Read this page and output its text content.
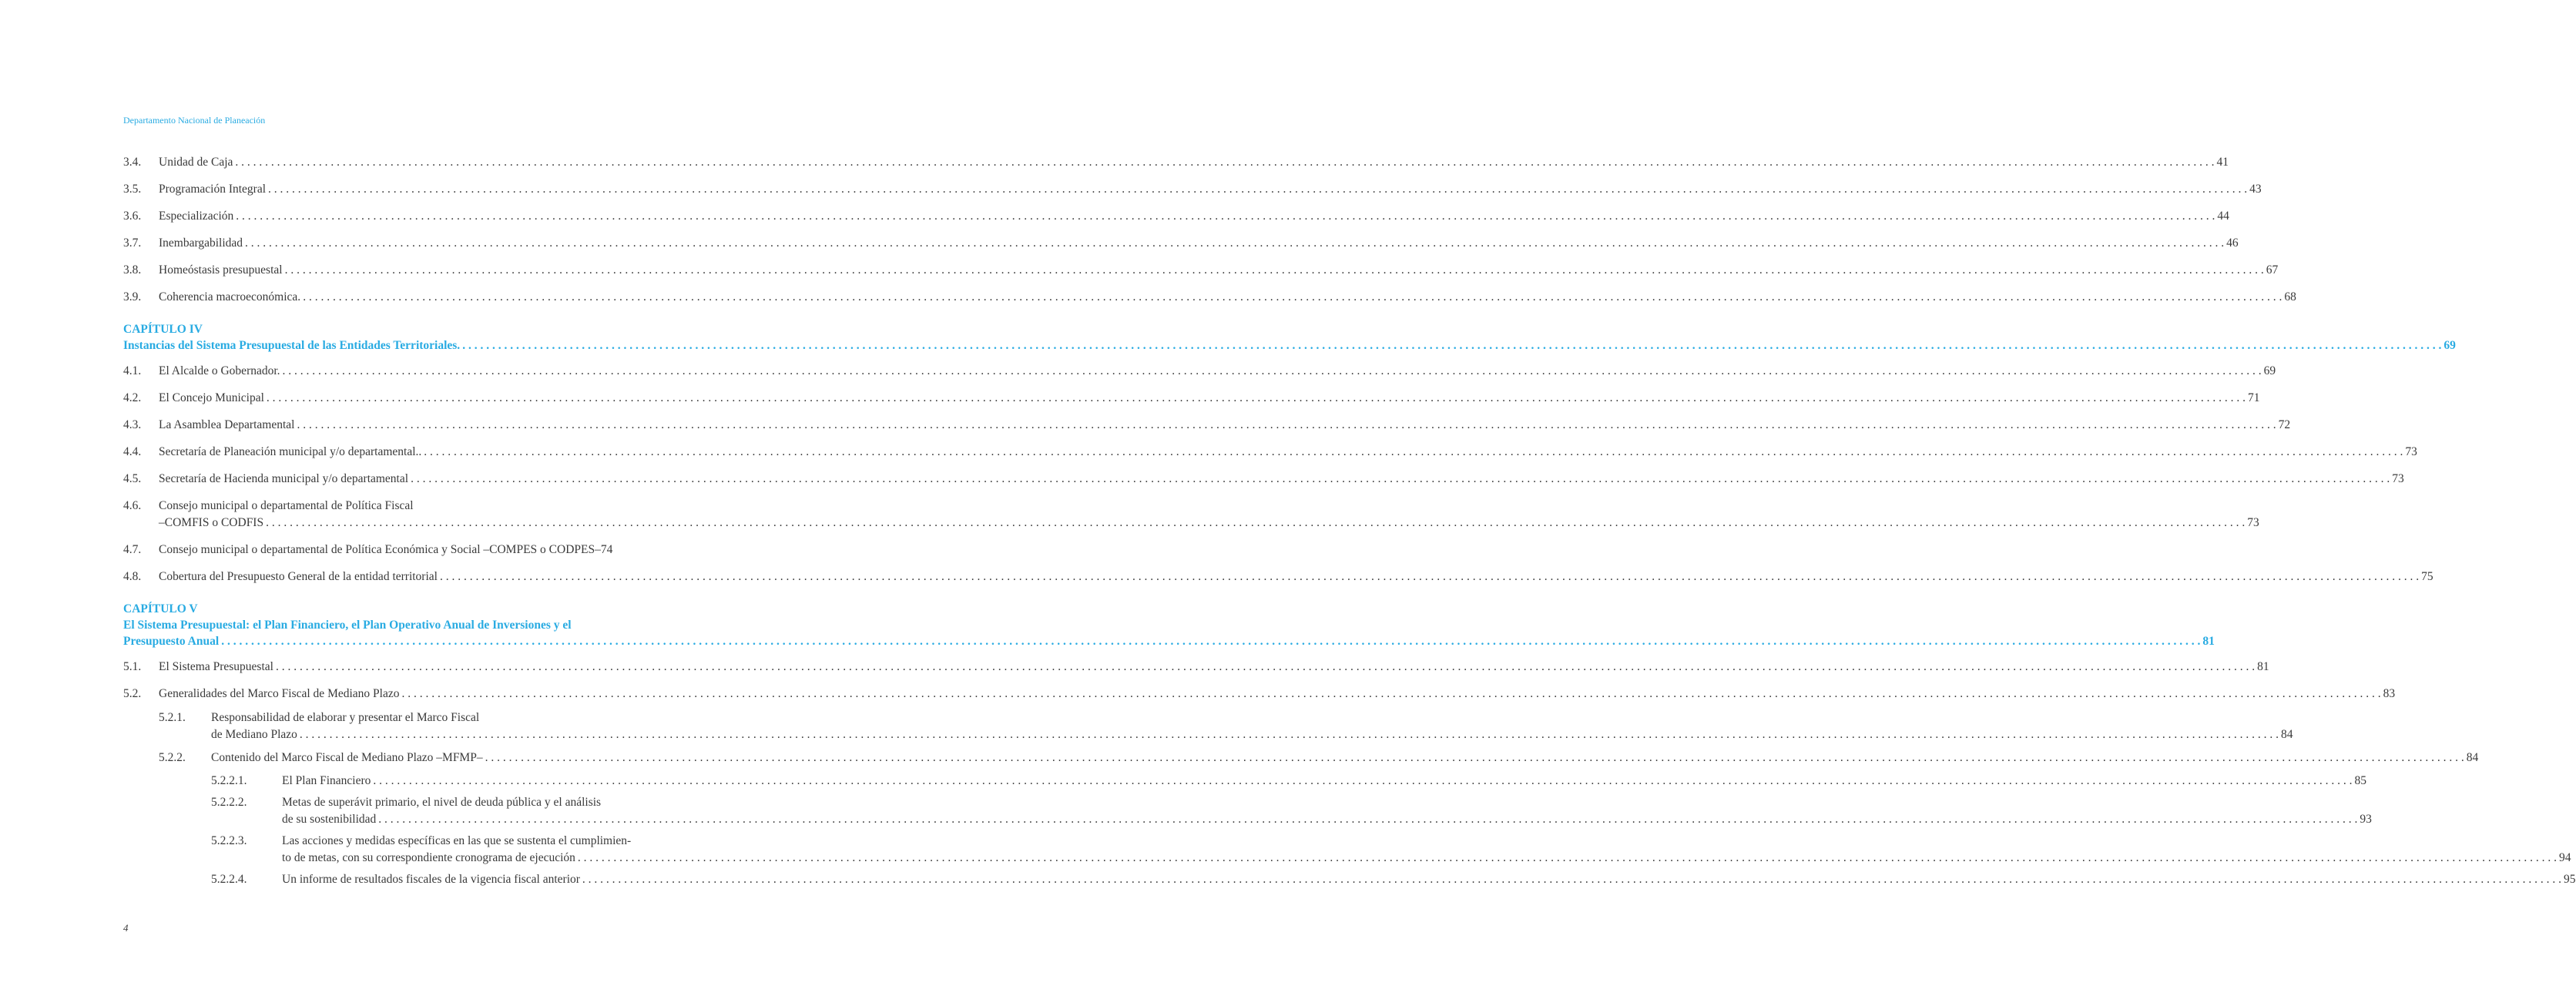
Departamento Nacional de Planeación
3.4.	Unidad de Caja . . .	41
3.5.	Programación Integral . . .	43
3.6.	Especialización . . .	44
3.7.	Inembargabilidad . . .	46
3.8.	Homeóstasis presupuestal . . .	67
3.9.	Coherencia macroeconómica. . . .	68
CAPÍTULO IV
Instancias del Sistema Presupuestal de las Entidades Territoriales. . . .	69
4.1.	El Alcalde o Gobernador. . . .	69
4.2.	El Concejo Municipal . . .	71
4.3.	La Asamblea Departamental . . .	72
4.4.	Secretaría de Planeación municipal y/o departamental.. . . .	73
4.5.	Secretaría de Hacienda municipal y/o departamental . . .	73
4.6.	Consejo municipal o departamental de Política Fiscal
–COMFIS o CODFIS . . .	73
4.7.	Consejo municipal o departamental de Política Económica y Social –COMPES o CODPES– 74
4.8.	Cobertura del Presupuesto General de la entidad territorial . . .	75
CAPÍTULO V
El Sistema Presupuestal: el Plan Financiero, el Plan Operativo Anual de Inversiones y el
Presupuesto Anual . . .	81
5.1.	El Sistema Presupuestal . . .	81
5.2.	Generalidades del Marco Fiscal de Mediano Plazo . . .	83
5.2.1.	Responsabilidad de elaborar y presentar el Marco Fiscal
de Mediano Plazo . . .	84
5.2.2.	Contenido del Marco Fiscal de Mediano Plazo –MFMP– . . .	84
5.2.2.1.	El Plan Financiero . . .	85
5.2.2.2.	Metas de superávit primario, el nivel de deuda pública y el análisis
de su sostenibilidad . . .	93
5.2.2.3.	Las acciones y medidas específicas en las que se sustenta el cumplimien-
to de metas, con su correspondiente cronograma de ejecución . . .	94
5.2.2.4.	Un informe de resultados fiscales de la vigencia fiscal anterior . . .	95
4
